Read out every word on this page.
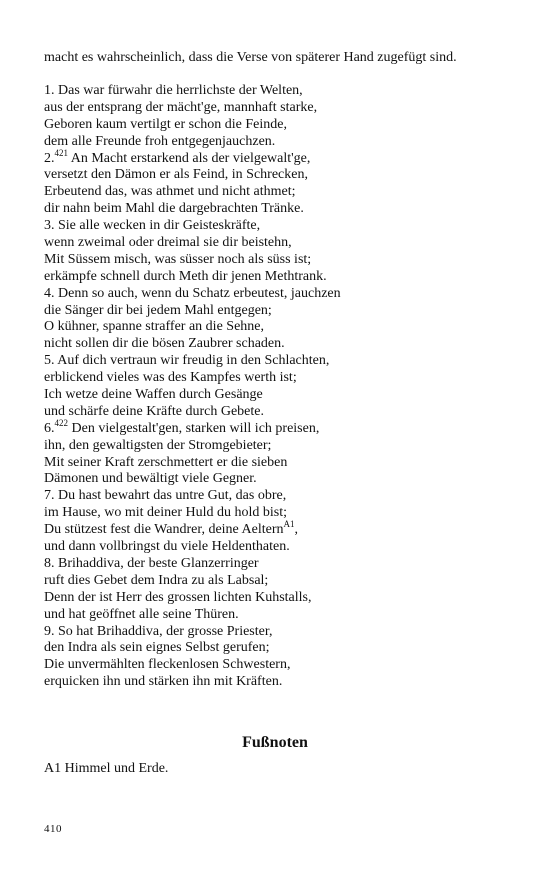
macht es wahrscheinlich, dass die Verse von späterer Hand zugefügt sind.

1. Das war fürwahr die herrlichste der Welten,
aus der entsprang der mächt'ge, mannhaft starke,
Geboren kaum vertilgt er schon die Feinde,
dem alle Freunde froh entgegenjauchzen.
2.$^{421}$ An Macht erstarkend als der vielgewalt'ge,
versetzt den Dämon er als Feind, in Schrecken,
Erbeutend das, was athmet und nicht athmet;
dir nahn beim Mahl die dargebrachten Tränke.
3. Sie alle wecken in dir Geisteskräfte,
wenn zweimal oder dreimal sie dir beistehn,
Mit Süssem misch, was süsser noch als süss ist;
erkämpfe schnell durch Meth dir jenen Methtrank.
4. Denn so auch, wenn du Schatz erbeutest, jauchzen
die Sänger dir bei jedem Mahl entgegen;
O kühner, spanne straffer an die Sehne,
nicht sollen dir die bösen Zaubrer schaden.
5. Auf dich vertraun wir freudig in den Schlachten,
erblickend vieles was des Kampfes werth ist;
Ich wetze deine Waffen durch Gesänge
und schärfe deine Kräfte durch Gebete.
6.$^{422}$ Den vielgestalt'gen, starken will ich preisen,
ihn, den gewaltigsten der Stromgebieter;
Mit seiner Kraft zerschmettert er die sieben
Dämonen und bewältigt viele Gegner.
7. Du hast bewahrt das untre Gut, das obre,
im Hause, wo mit deiner Huld du hold bist;
Du stützest fest die Wandrer, deine Aeltern$^{A1}$,
und dann vollbringst du viele Heldenthaten.
8. Brihaddiva, der beste Glanzerringer
ruft dies Gebet dem Indra zu als Labsal;
Denn der ist Herr des grossen lichten Kuhstalls,
und hat geöffnet alle seine Thüren.
9. So hat Brihaddiva, der grosse Priester,
den Indra als sein eignes Selbst gerufen;
Die unvermählten fleckenlosen Schwestern,
erquicken ihn und stärken ihn mit Kräften.
Fußnoten
A1 Himmel und Erde.
410
